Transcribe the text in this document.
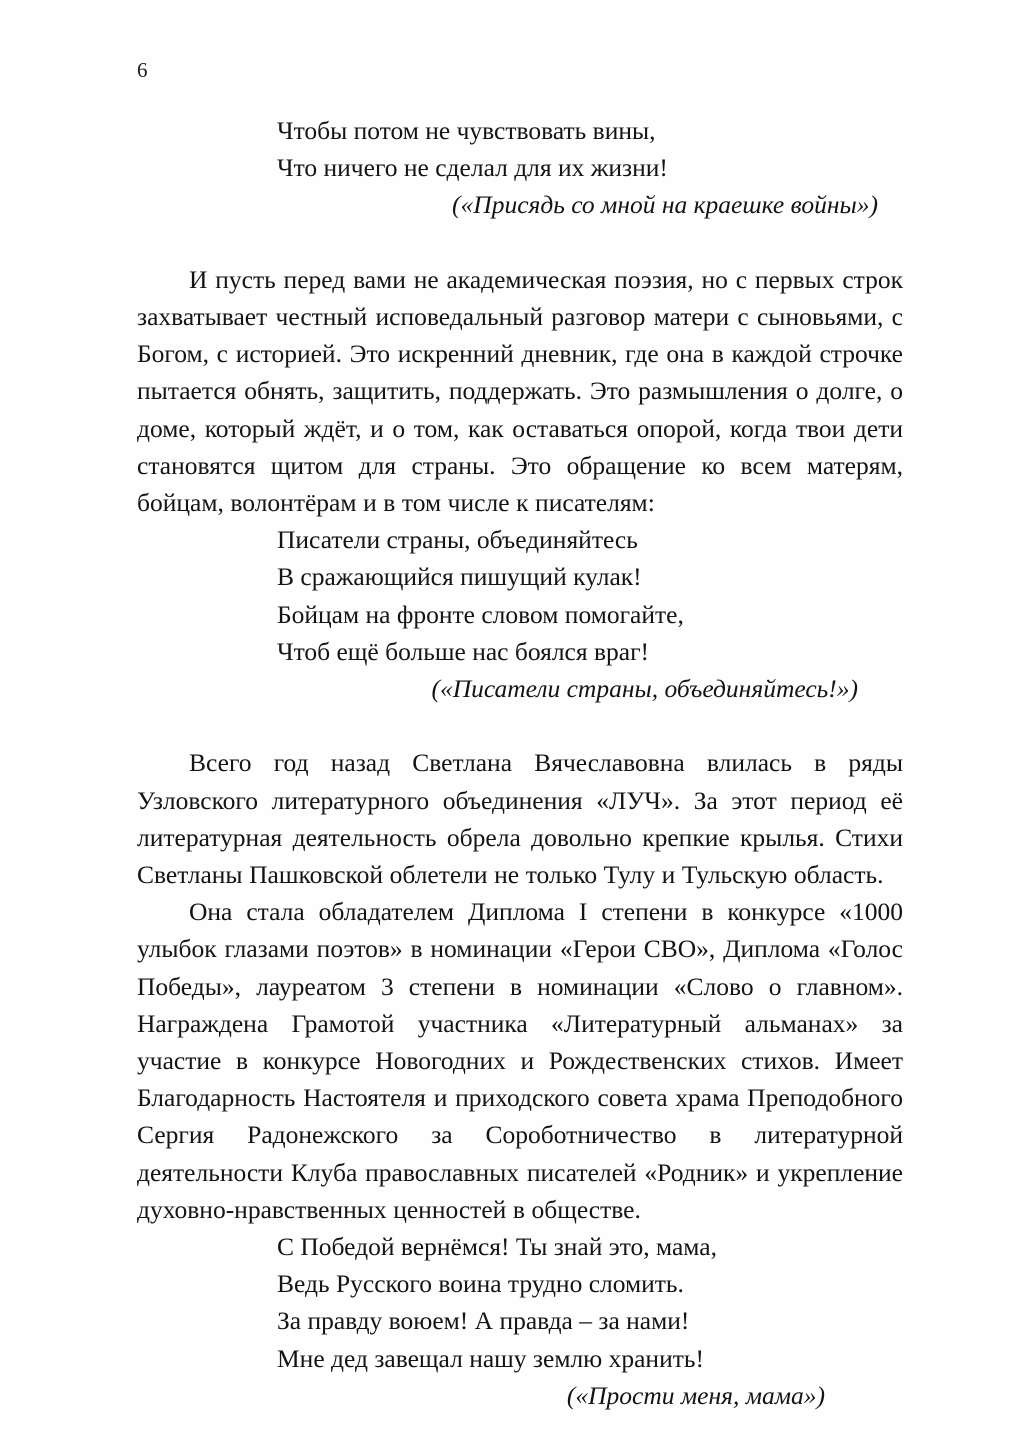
6
Чтобы потом не чувствовать вины,
Что ничего не сделал для их жизни!
(«Присядь со мной на краешке войны»)

И пусть перед вами не академическая поэзия, но с первых строк захватывает честный исповедальный разговор матери с сыновьями, с Богом, с историей. Это искренний дневник, где она в каждой строчке пытается обнять, защитить, поддержать. Это размышления о долге, о доме, который ждёт, и о том, как оставаться опорой, когда твои дети становятся щитом для страны. Это обращение ко всем матерям, бойцам, волонтёрам и в том числе к писателям:

Писатели страны, объединяйтесь
В сражающийся пишущий кулак!
Бойцам на фронте словом помогайте,
Чтоб ещё больше нас боялся враг!
(«Писатели страны, объединяйтесь!»)

Всего год назад Светлана Вячеславовна влилась в ряды Узловского литературного объединения «ЛУЧ». За этот период её литературная деятельность обрела довольно крепкие крылья. Стихи Светланы Пашковской облетели не только Тулу и Тульскую область.

Она стала обладателем Диплома I степени в конкурсе «1000 улыбок глазами поэтов» в номинации «Герои СВО», Диплома «Голос Победы», лауреатом 3 степени в номинации «Слово о главном». Награждена Грамотой участника «Литературный альманах» за участие в конкурсе Новогодних и Рождественских стихов. Имеет Благодарность Настоятеля и приходского совета храма Преподобного Сергия Радонежского за Сороботничество в литературной деятельности Клуба православных писателей «Родник» и укрепление духовно-нравственных ценностей в обществе.

С Победой вернёмся! Ты знай это, мама,
Ведь Русского воина трудно сломить.
За правду воюем! А правда – за нами!
Мне дед завещал нашу землю хранить!
(«Прости меня, мама»)
